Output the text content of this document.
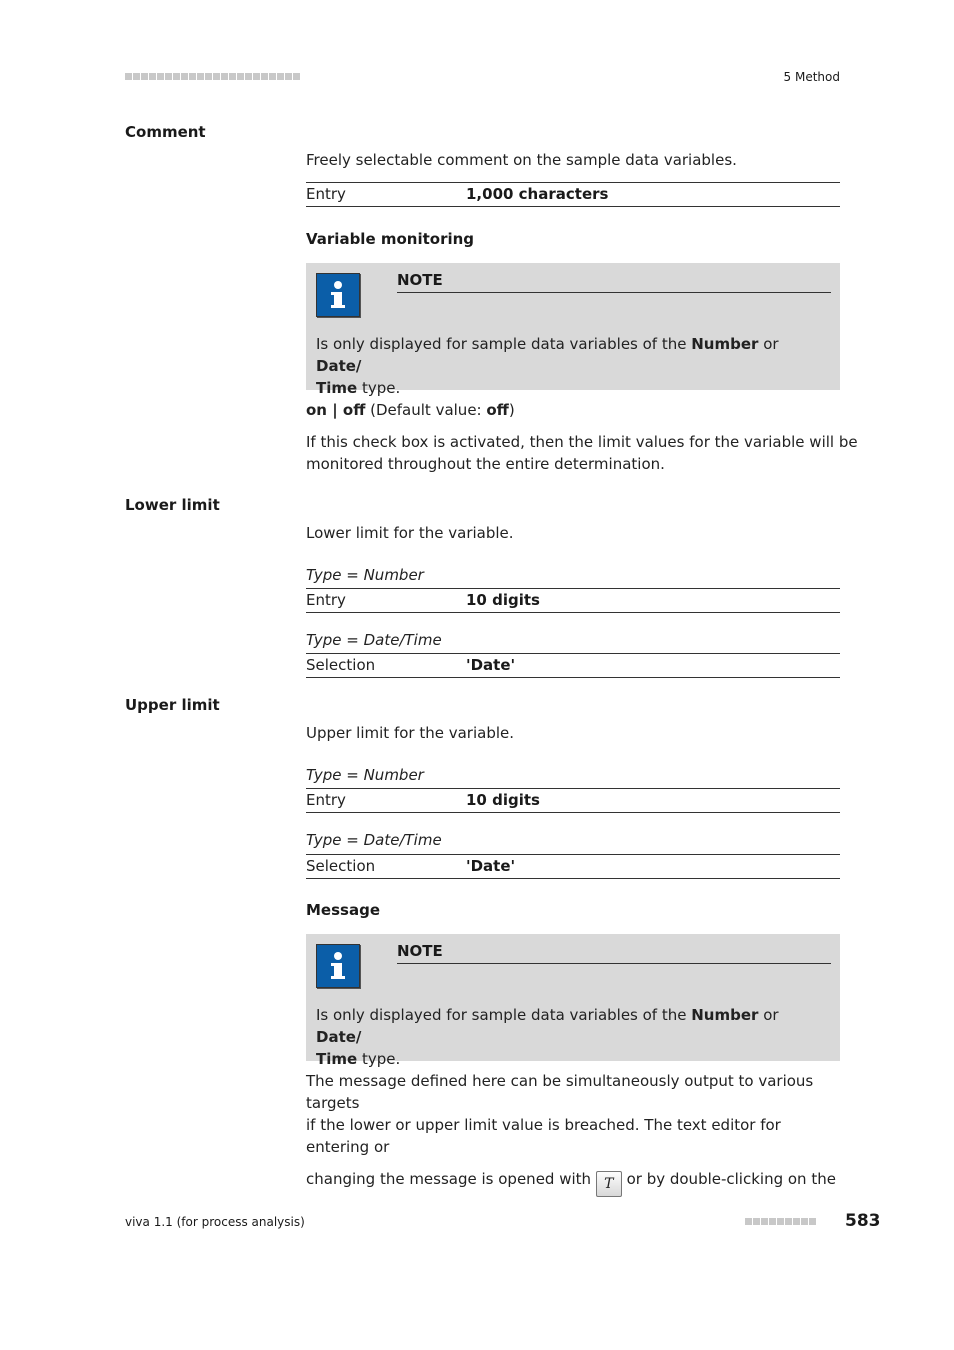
5 Method
Comment
Freely selectable comment on the sample data variables.
Entry	1,000 characters
Variable monitoring
NOTE
Is only displayed for sample data variables of the Number or Date/
Time type.
on | off (Default value: off)
If this check box is activated, then the limit values for the variable will be
monitored throughout the entire determination.
Lower limit
Lower limit for the variable.
Type = Number
Entry	10 digits
Type = Date/Time
Selection	'Date'
Upper limit
Upper limit for the variable.
Type = Number
Entry	10 digits
Type = Date/Time
Selection	'Date'
Message
NOTE
Is only displayed for sample data variables of the Number or Date/
Time type.
The message defined here can be simultaneously output to various targets
if the lower or upper limit value is breached. The text editor for entering or
changing the message is opened with T or by double-clicking on the
viva 1.1 (for process analysis)	583
